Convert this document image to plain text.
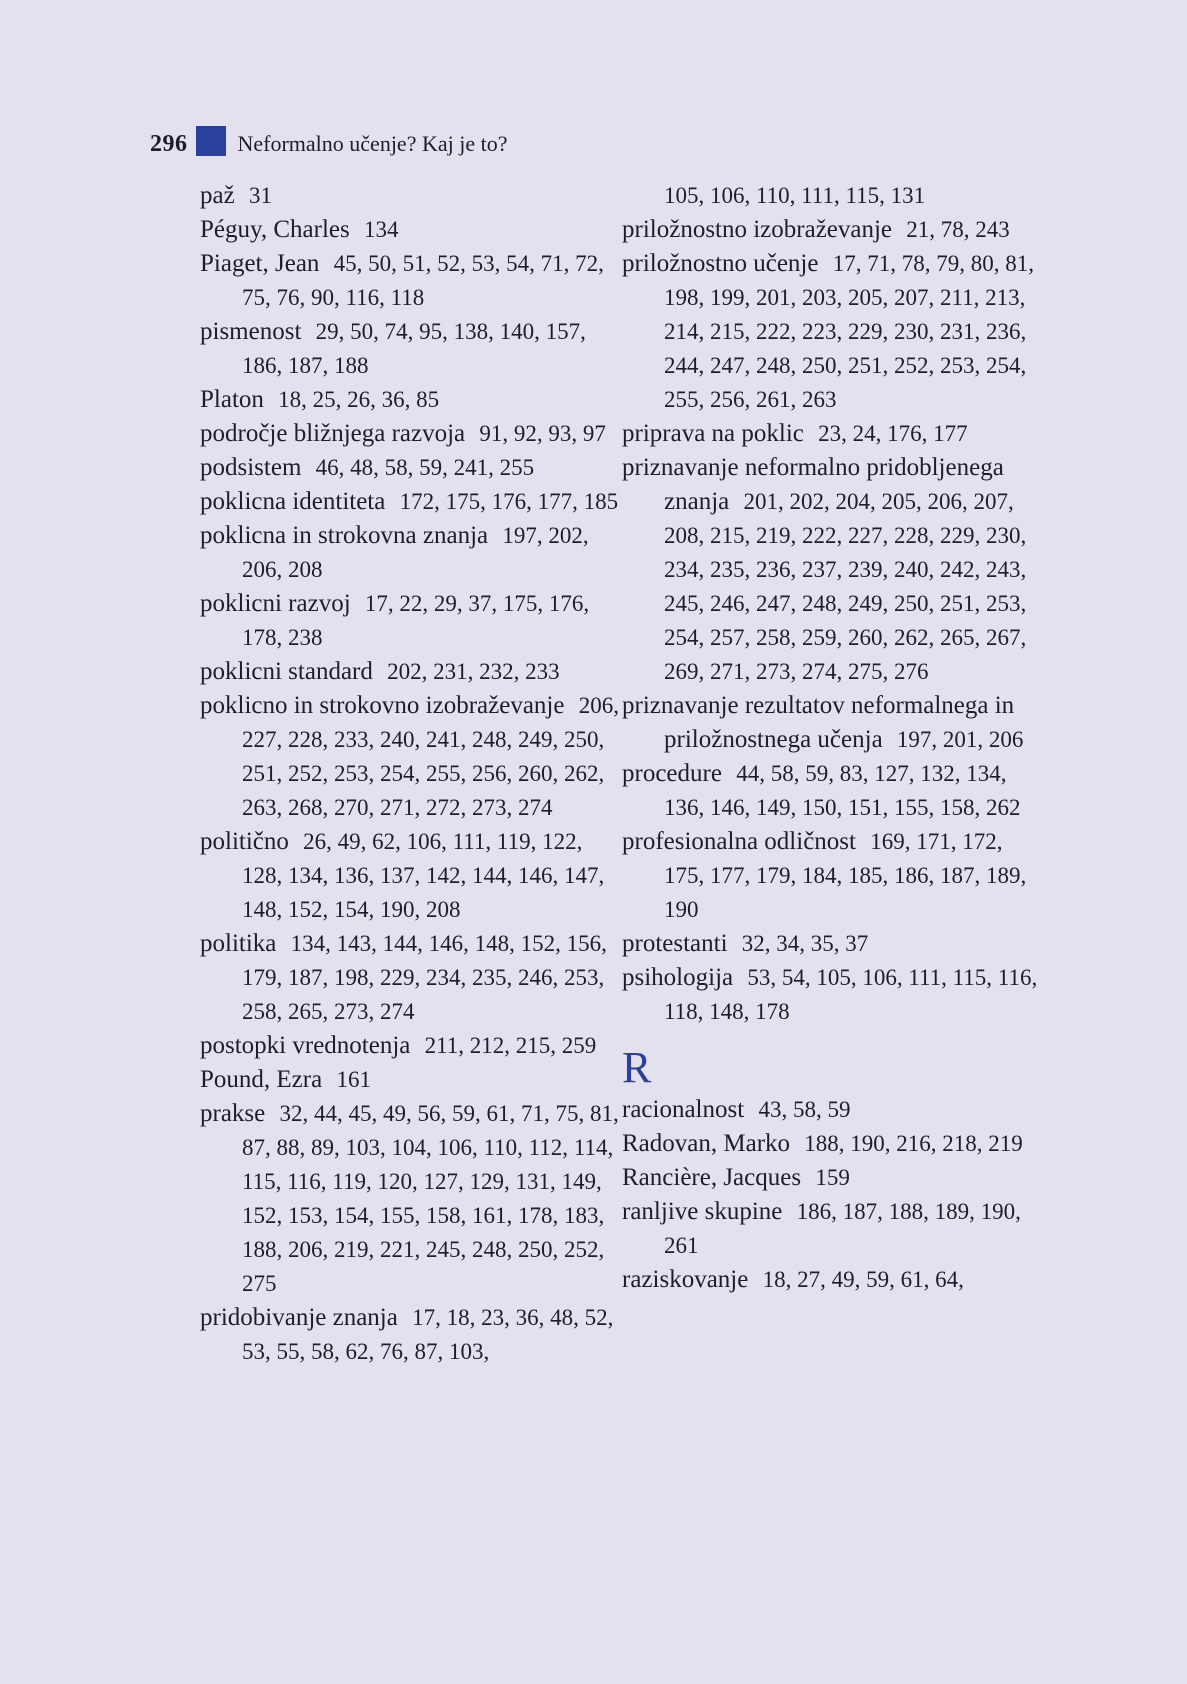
296 Neformalno učenje? Kaj je to?
paž 31
Péguy, Charles 134
Piaget, Jean 45, 50, 51, 52, 53, 54, 71, 72, 75, 76, 90, 116, 118
pismenost 29, 50, 74, 95, 138, 140, 157, 186, 187, 188
Platon 18, 25, 26, 36, 85
področje bližnjega razvoja 91, 92, 93, 97
podsistem 46, 48, 58, 59, 241, 255
poklicna identiteta 172, 175, 176, 177, 185
poklicna in strokovna znanja 197, 202, 206, 208
poklicni razvoj 17, 22, 29, 37, 175, 176, 178, 238
poklicni standard 202, 231, 232, 233
poklicno in strokovno izobraževanje 206, 227, 228, 233, 240, 241, 248, 249, 250, 251, 252, 253, 254, 255, 256, 260, 262, 263, 268, 270, 271, 272, 273, 274
politično 26, 49, 62, 106, 111, 119, 122, 128, 134, 136, 137, 142, 144, 146, 147, 148, 152, 154, 190, 208
politika 134, 143, 144, 146, 148, 152, 156, 179, 187, 198, 229, 234, 235, 246, 253, 258, 265, 273, 274
postopki vrednotenja 211, 212, 215, 259
Pound, Ezra 161
prakse 32, 44, 45, 49, 56, 59, 61, 71, 75, 81, 87, 88, 89, 103, 104, 106, 110, 112, 114, 115, 116, 119, 120, 127, 129, 131, 149, 152, 153, 154, 155, 158, 161, 178, 183, 188, 206, 219, 221, 245, 248, 250, 252, 275
pridobivanje znanja 17, 18, 23, 36, 48, 52, 53, 55, 58, 62, 76, 87, 103,
105, 106, 110, 111, 115, 131
priložnostno izobraževanje 21, 78, 243
priložnostno učenje 17, 71, 78, 79, 80, 81, 198, 199, 201, 203, 205, 207, 211, 213, 214, 215, 222, 223, 229, 230, 231, 236, 244, 247, 248, 250, 251, 252, 253, 254, 255, 256, 261, 263
priprava na poklic 23, 24, 176, 177
priznavanje neformalno pridobljenega znanja 201, 202, 204, 205, 206, 207, 208, 215, 219, 222, 227, 228, 229, 230, 234, 235, 236, 237, 239, 240, 242, 243, 245, 246, 247, 248, 249, 250, 251, 253, 254, 257, 258, 259, 260, 262, 265, 267, 269, 271, 273, 274, 275, 276
priznavanje rezultatov neformalnega in priložnostnega učenja 197, 201, 206
procedure 44, 58, 59, 83, 127, 132, 134, 136, 146, 149, 150, 151, 155, 158, 262
profesionalna odličnost 169, 171, 172, 175, 177, 179, 184, 185, 186, 187, 189, 190
protestanti 32, 34, 35, 37
psihologija 53, 54, 105, 106, 111, 115, 116, 118, 148, 178
R
racionalnost 43, 58, 59
Radovan, Marko 188, 190, 216, 218, 219
Rancière, Jacques 159
ranljive skupine 186, 187, 188, 189, 190, 261
raziskovanje 18, 27, 49, 59, 61, 64,
